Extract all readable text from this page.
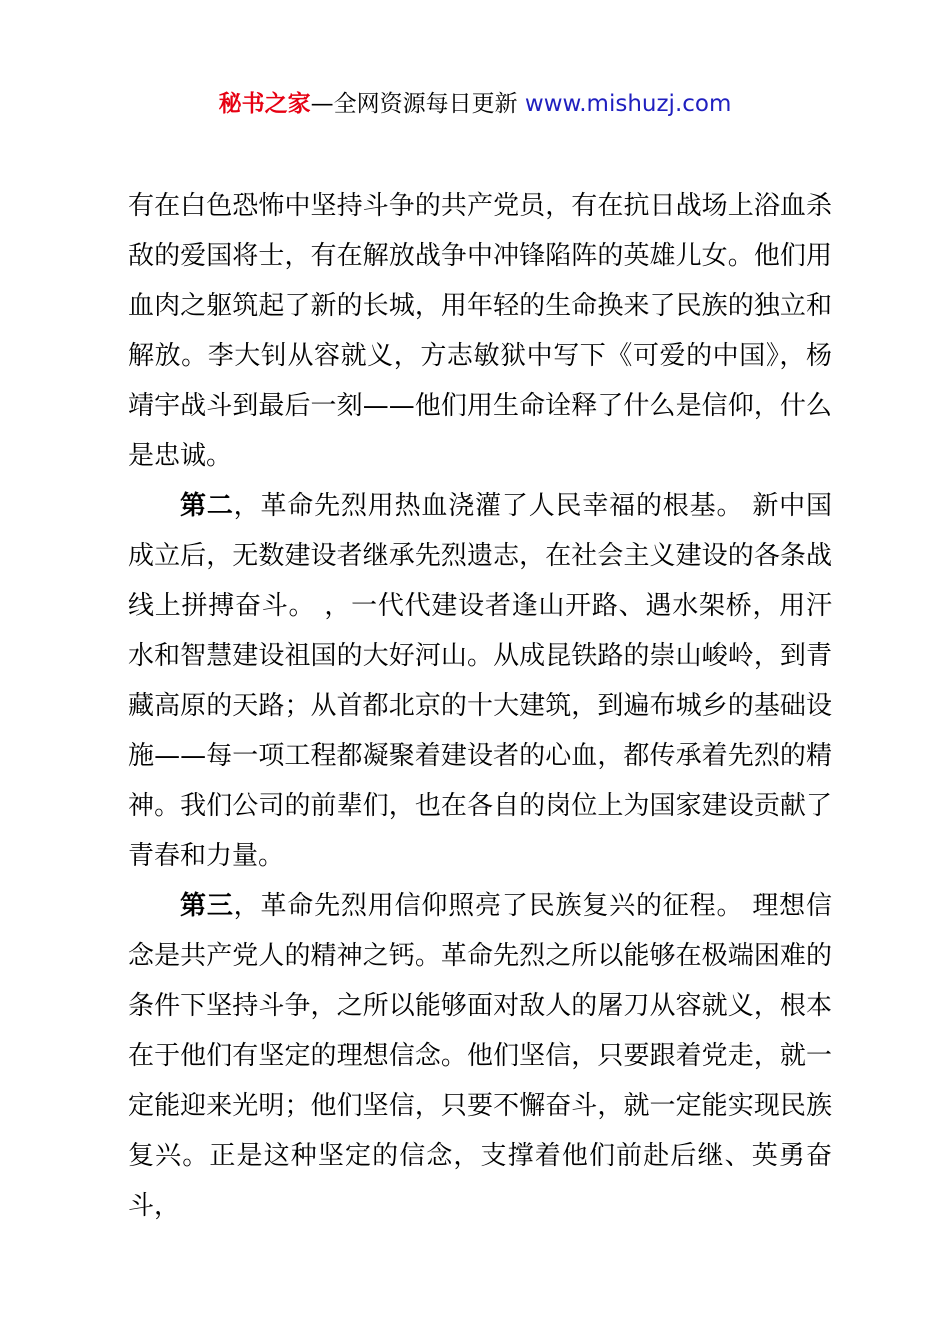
秘书之家—全网资源每日更新 www.mishuzj.com

有在白色恐怖中坚持斗争的共产党员，有在抗日战场上浴血杀敌的爱国将士，有在解放战争中冲锋陷阵的英雄儿女。他们用血肉之躯筑起了新的长城，用年轻的生命换来了民族的独立和解放。李大钊从容就义，方志敏狱中写下《可爱的中国》，杨靖宇战斗到最后一刻——他们用生命诠释了什么是信仰，什么是忠诚。

第二，革命先烈用热血浇灌了人民幸福的根基。 新中国成立后，无数建设者继承先烈遗志，在社会主义建设的各条战线上拼搏奋斗。 ，一代代建设者逢山开路、遇水架桥，用汗水和智慧建设祖国的大好河山。从成昆铁路的崇山峻岭，到青藏高原的天路；从首都北京的十大建筑，到遍布城乡的基础设施——每一项工程都凝聚着建设者的心血，都传承着先烈的精神。我们公司的前辈们，也在各自的岗位上为国家建设贡献了青春和力量。

第三，革命先烈用信仰照亮了民族复兴的征程。 理想信念是共产党人的精神之钙。革命先烈之所以能够在极端困难的条件下坚持斗争，之所以能够面对敌人的屠刀从容就义，根本在于他们有坚定的理想信念。他们坚信，只要跟着党走，就一定能迎来光明；他们坚信，只要不懈奋斗，就一定能实现民族复兴。正是这种坚定的信念，支撑着他们前赴后继、英勇奋斗，
